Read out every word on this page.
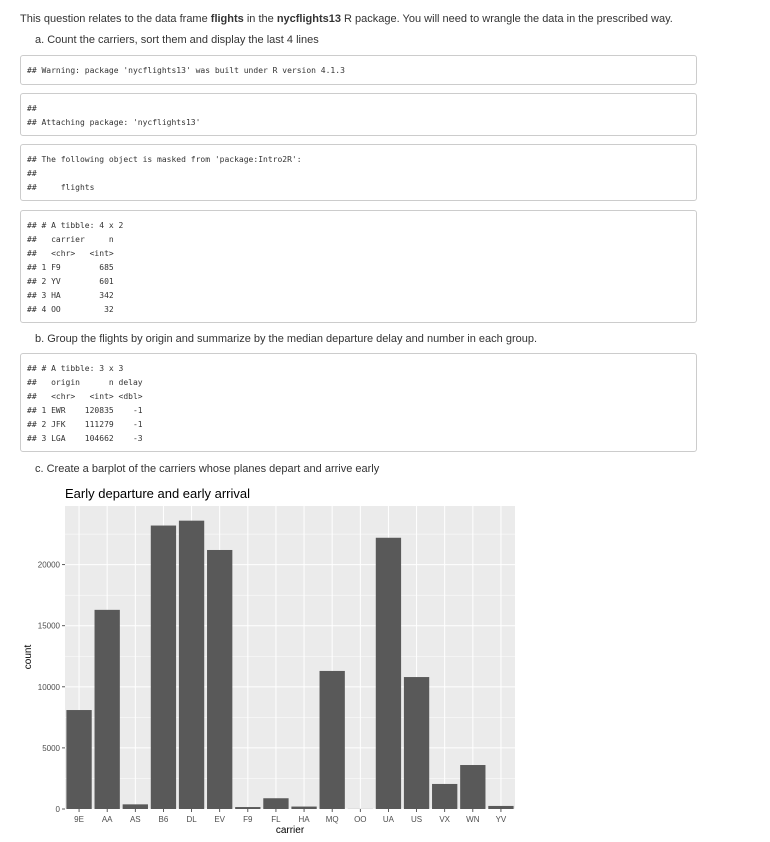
This question relates to the data frame flights in the nycflights13 R package. You will need to wrangle the data in the prescribed way.
a. Count the carriers, sort them and display the last 4 lines
## Warning: package 'nycflights13' was built under R version 4.1.3
##
## Attaching package: 'nycflights13'
## The following object is masked from 'package:Intro2R':
##
##     flights
## # A tibble: 4 x 2
##   carrier     n
##   <chr>   <int>
## 1 F9        685
## 2 YV        601
## 3 HA        342
## 4 OO         32
b. Group the flights by origin and summarize by the median departure delay and number in each group.
## # A tibble: 3 x 3
##   origin      n delay
##   <chr>   <int> <dbl>
## 1 EWR    120835    -1
## 2 JFK    111279    -1
## 3 LGA    104662    -3
c. Create a barplot of the carriers whose planes depart and arrive early
Early departure and early arrival
0
5000
10000
15000
20000
9E AA AS B6 DL EV F9 FL HA MQ OO UA US VX WN YV
carrier
count
